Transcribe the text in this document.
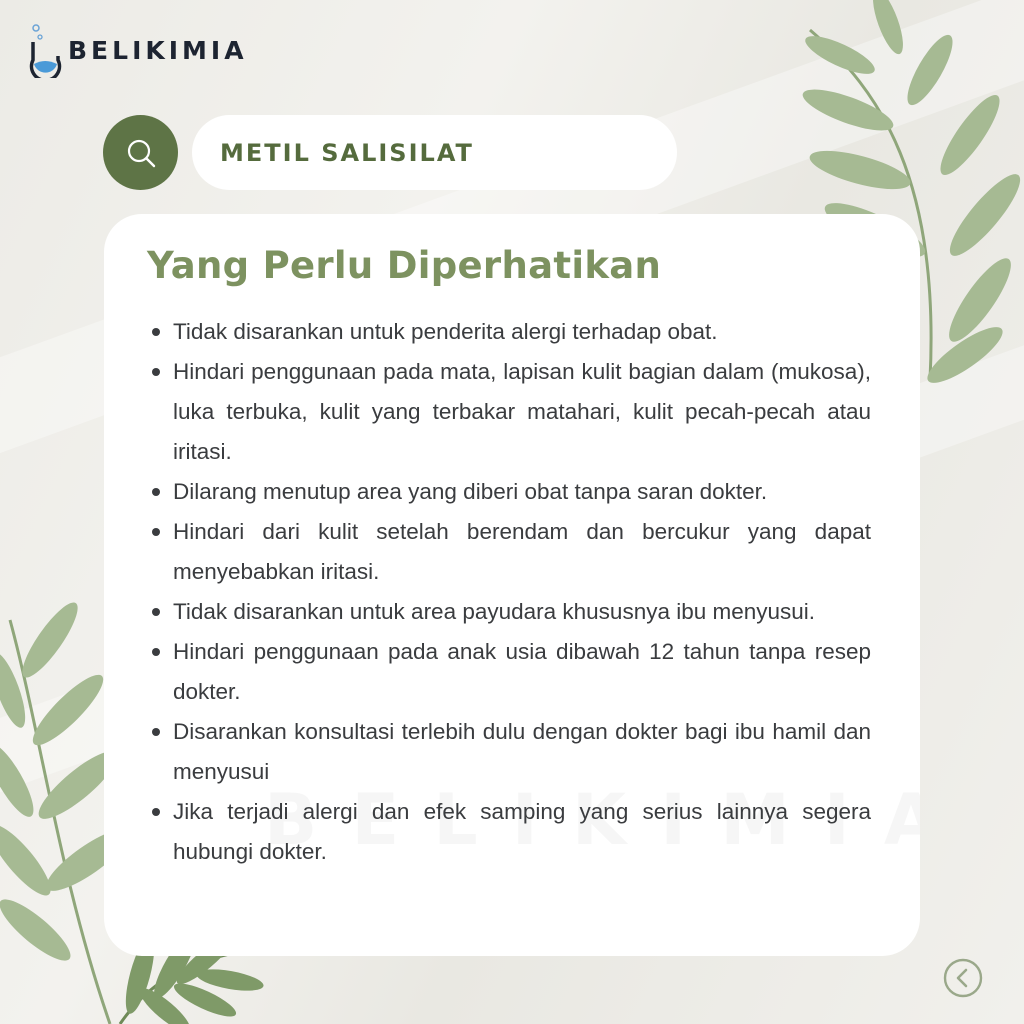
BELIKIMIA
METIL SALISILAT
Yang Perlu Diperhatikan
Tidak disarankan untuk penderita alergi terhadap obat.
Hindari penggunaan pada mata, lapisan kulit bagian dalam (mukosa), luka terbuka, kulit yang terbakar matahari, kulit pecah-pecah atau iritasi.
Dilarang menutup area yang diberi obat tanpa saran dokter.
Hindari dari kulit setelah berendam dan bercukur yang dapat menyebabkan iritasi.
Tidak disarankan untuk area payudara khususnya ibu menyusui.
Hindari penggunaan pada anak usia dibawah 12 tahun tanpa resep dokter.
Disarankan konsultasi terlebih dulu dengan dokter bagi ibu hamil dan menyusui
Jika terjadi alergi dan efek samping yang serius lainnya segera hubungi dokter.
